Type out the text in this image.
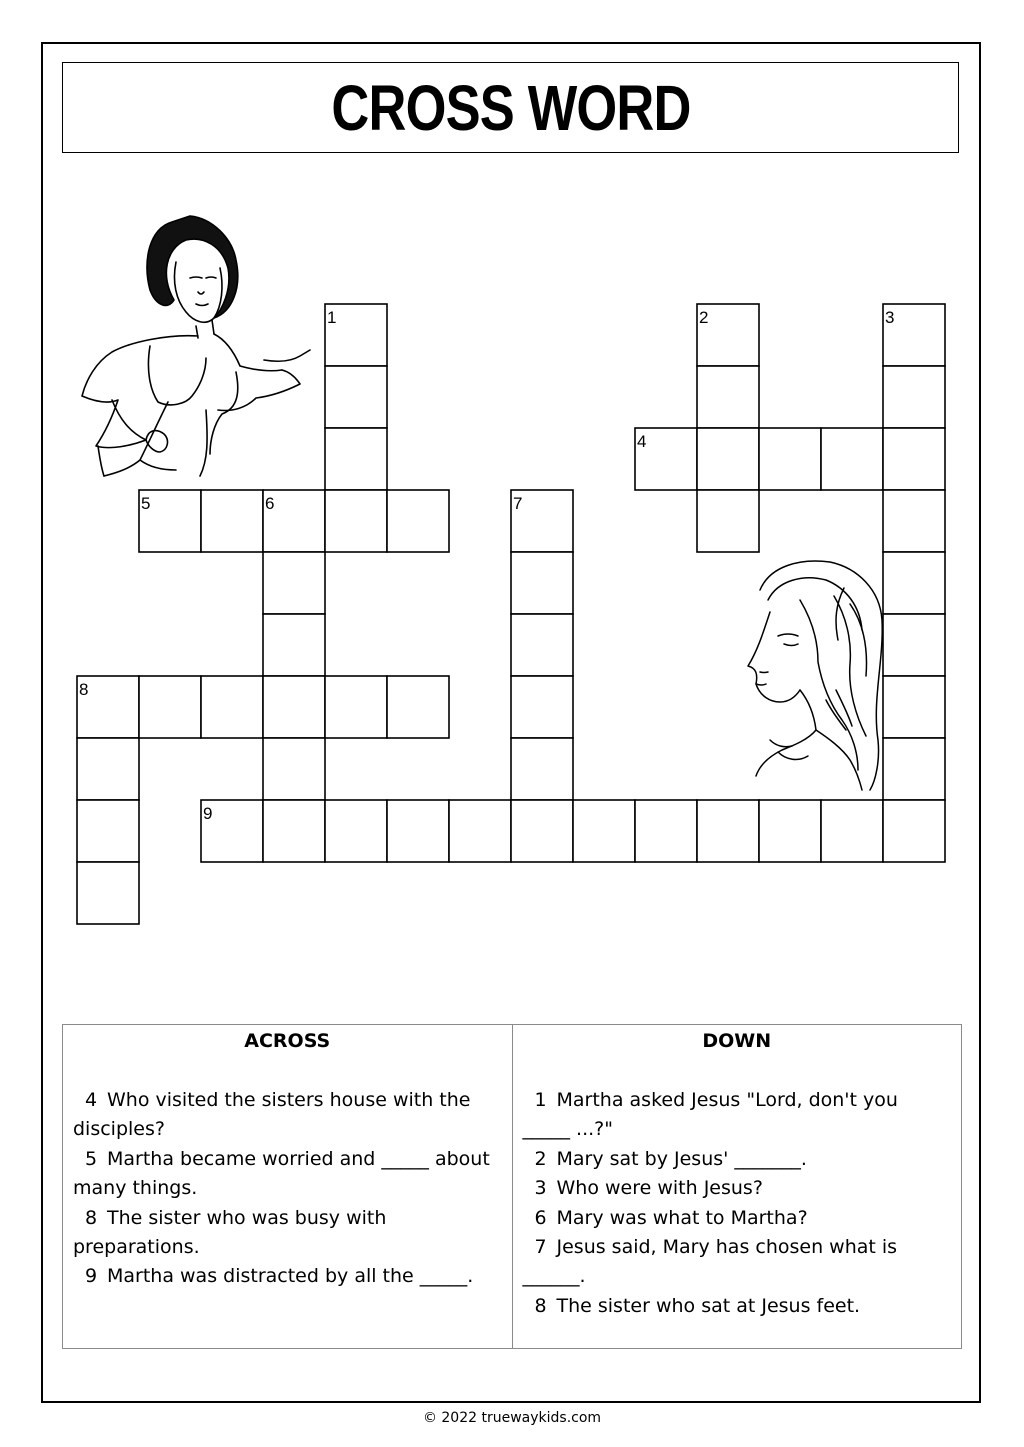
CROSS WORD
1	2	3
4
5	6	7
8
9
ACROSS
4 Who visited the sisters house with the disciples?
5 Martha became worried and _____ about many things.
8 The sister who was busy with preparations.
9 Martha was distracted by all the _____.
DOWN
1 Martha asked Jesus "Lord, don't you _____ ...?"
2 Mary sat by Jesus' _______.
3 Who were with Jesus?
6 Mary was what to Martha?
7 Jesus said, Mary has chosen what is ______.
8 The sister who sat at Jesus feet.
© 2022 truewaykids.com
